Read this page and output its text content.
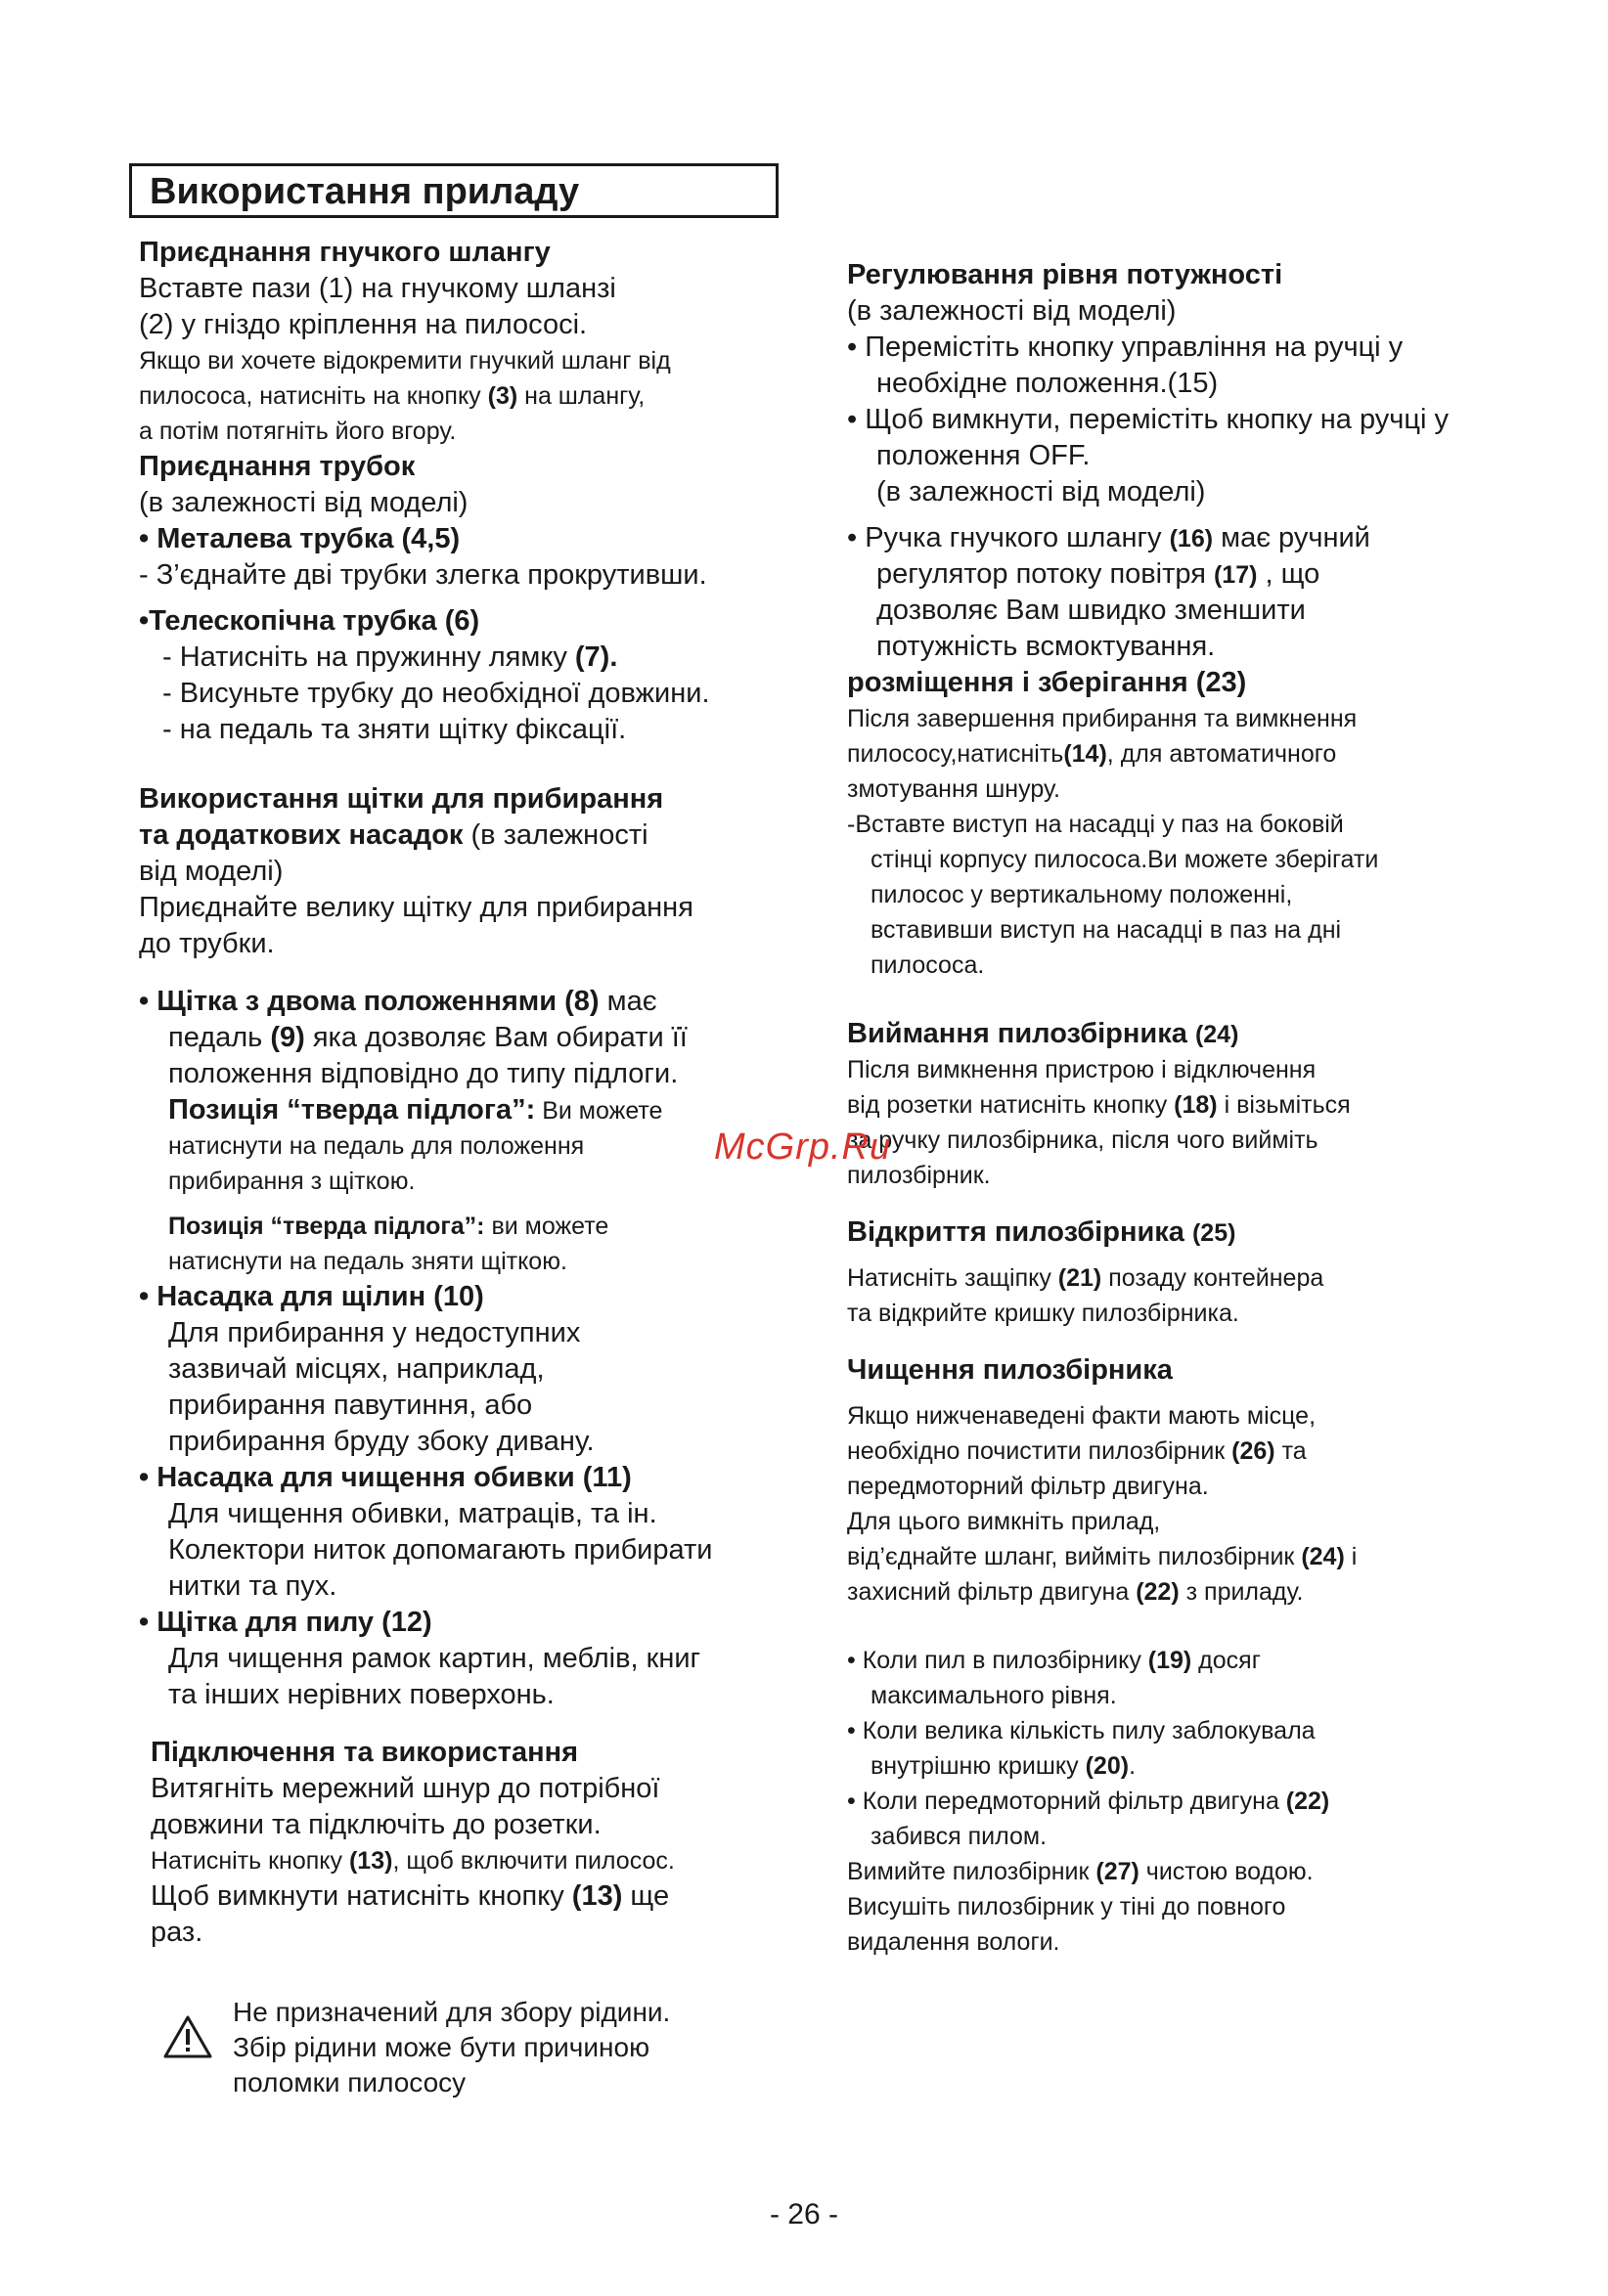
Використання приладу

Приєднання гнучкого шлангу

Вставте пази (1) на гнучкому шланзі

(2) у гніздо кріплення на пилососі.

Якщо ви хочете відокремити гнучкий шланг від

пилососа, натисніть на кнопку (3) на шлангу,

а потім потягніть його вгору.

Приєднання трубок

(в залежності від моделі)

• Металева трубка (4,5)

- З’єднайте дві трубки злегка прокрутивши.

•Телескопічна трубка (6)

- Натисніть на пружинну лямку (7).

- Висуньте трубку до необхідної довжини.

- на педаль та зняти щітку фіксації.

Використання щітки для прибирання

та додаткових насадок (в залежності

від моделі)

Приєднайте велику щітку для прибирання

до трубки.

• Щітка з двома положеннями (8) має

педаль (9) яка дозволяє Вам обирати її

положення відповідно до типу підлоги.

Позиція “тверда підлога”: Ви можете

натиснути на педаль для положення

прибирання з щіткою.

Позиція “тверда підлога”: ви можете

натиснути на педаль зняти щіткою.

• Насадка для щілин (10)

Для прибирання у недоступних

зазвичай місцях, наприклад,

прибирання павутиння, або

прибирання бруду збоку дивану.

• Насадка для чищення обивки (11)

Для чищення обивки, матраців, та ін.

Колектори ниток допомагають прибирати

нитки та пух.

• Щітка для пилу (12)

Для чищення рамок картин, меблів, книг

та інших нерівних поверхонь.

Підключення та використання

Витягніть мережний шнур до потрібної

довжини та підключіть до розетки.

Натисніть кнопку (13), щоб включити пилосос.

Щоб вимкнути натисніть кнопку (13) ще

раз.

Не призначений для збору рідини.
Збір рідини може бути причиною
поломки пилососу

Регулювання рівня потужності

(в залежності від моделі)

• Перемістіть кнопку управління на ручці у

необхідне положення.(15)

• Щоб вимкнути, перемістіть кнопку на ручці у

положення OFF.

(в залежності від моделі)

• Ручка гнучкого шлангу (16) має ручний

регулятор потоку повітря (17) , що

дозволяє Вам швидко зменшити

потужність всмоктування.

розміщення і зберігання (23)

Після завершення прибирання та вимкнення

пилососу,натисніть(14), для автоматичного

змотування шнуру.

-Вставте виступ на насадці у паз на боковій

стінці корпусу пилососа.Ви можете зберігати

пилосос у вертикальному положенні,

вставивши виступ на насадці в паз на дні

пилососа.

Виймання пилозбірника (24)

Після вимкнення пристрою і відключення

від розетки натисніть кнопку (18) і візьміться

за ручку пилозбірника, після чого вийміть

пилозбірник.

Відкриття пилозбірника (25)

Натисніть защіпку (21) позаду контейнера

та відкрийте кришку пилозбірника.

Чищення пилозбірника

Якщо нижченаведені факти мають місце,

необхідно почистити пилозбірник (26) та

передмоторний фільтр двигуна.

Для цього вимкніть прилад,

від’єднайте шланг, вийміть пилозбірник (24) і

захисний фільтр двигуна (22) з приладу.

• Коли пил в пилозбірнику (19) досяг

максимального рівня.

• Коли велика кількість пилу заблокувала

внутрішню кришку (20).

• Коли передмоторний фільтр двигуна (22)

забився пилом.

Вимийте пилозбірник (27) чистою водою.

Висушіть пилозбірник у тіні до повного

видалення вологи.

McGrp.Ru
- 26 -
